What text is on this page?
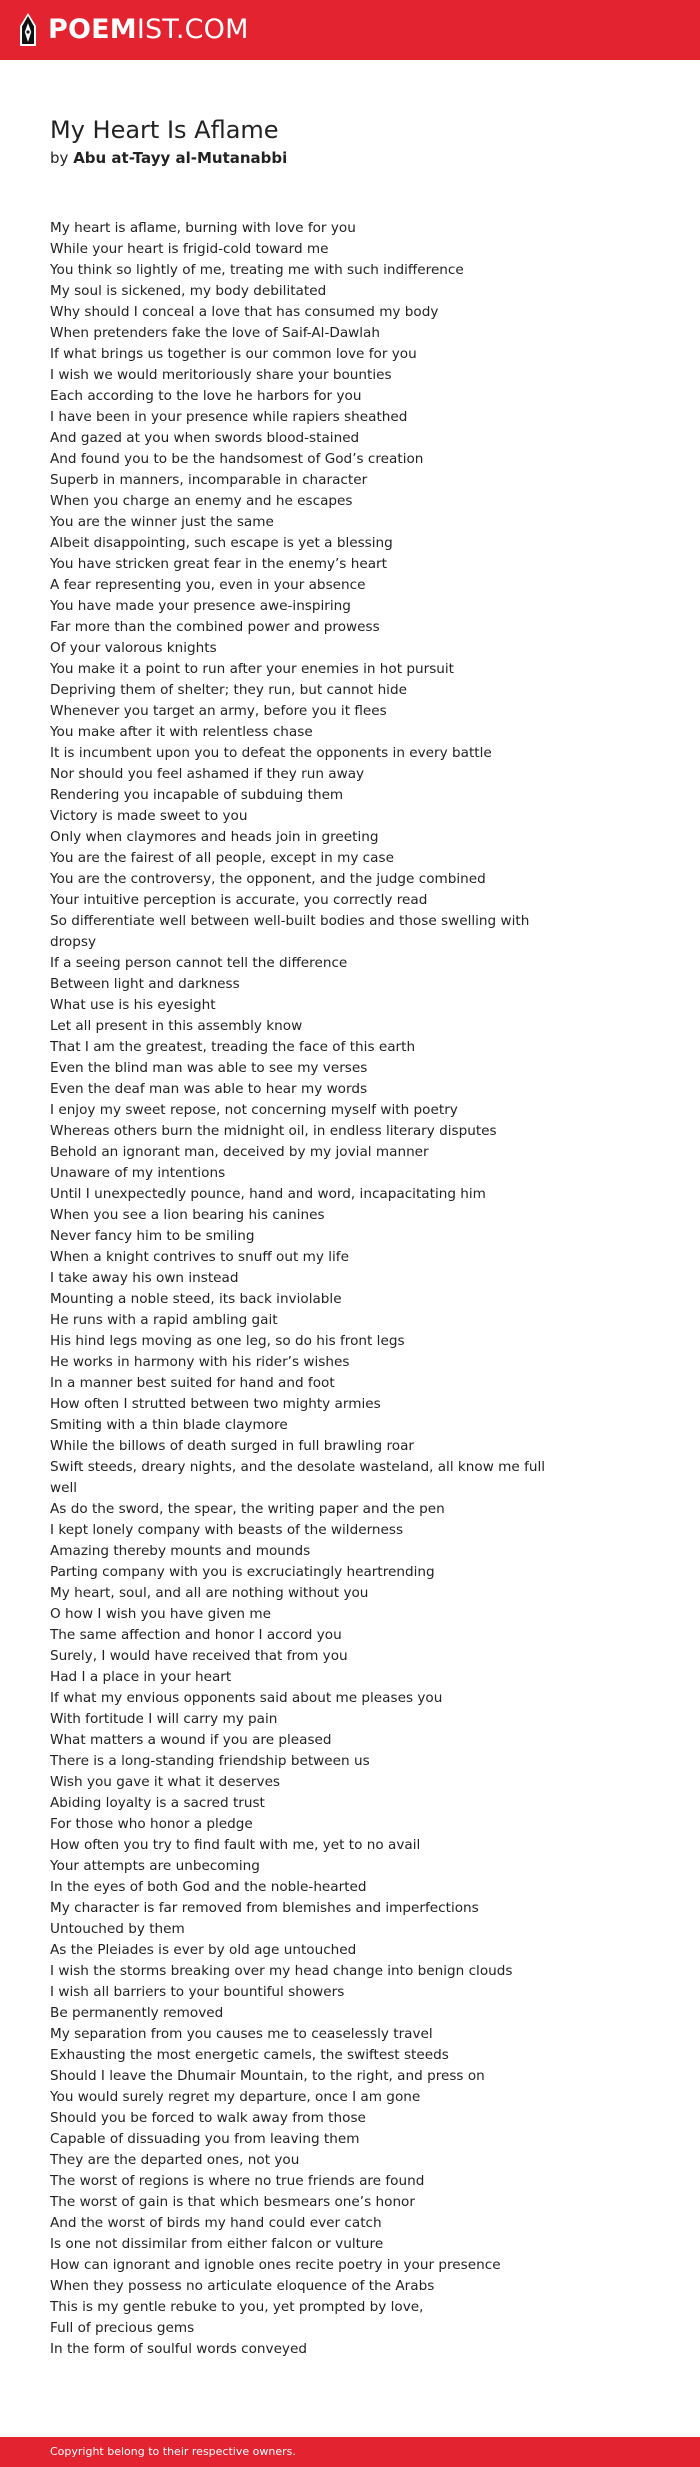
POEMIST.COM
My Heart Is Aflame
by Abu at-Tayy al-Mutanabbi
My heart is aflame, burning with love for you
While your heart is frigid-cold toward me
You think so lightly of me, treating me with such indifference
My soul is sickened, my body debilitated
Why should I conceal a love that has consumed my body
When pretenders fake the love of Saif-Al-Dawlah
If what brings us together is our common love for you
I wish we would meritoriously share your bounties
Each according to the love he harbors for you
I have been in your presence while rapiers sheathed
And gazed at you when swords blood-stained
And found you to be the handsomest of God’s creation
Superb in manners, incomparable in character
When you charge an enemy and he escapes
You are the winner just the same
Albeit disappointing, such escape is yet a blessing
You have stricken great fear in the enemy’s heart
A fear representing you, even in your absence
You have made your presence awe-inspiring
Far more than the combined power and prowess
Of your valorous knights
You make it a point to run after your enemies in hot pursuit
Depriving them of shelter; they run, but cannot hide
Whenever you target an army, before you it flees
You make after it with relentless chase
It is incumbent upon you to defeat the opponents in every battle
Nor should you feel ashamed if they run away
Rendering you incapable of subduing them
Victory is made sweet to you
Only when claymores and heads join in greeting
You are the fairest of all people, except in my case
You are the controversy, the opponent, and the judge combined
Your intuitive perception is accurate, you correctly read
So differentiate well between well-built bodies and those swelling with dropsy
If a seeing person cannot tell the difference
Between light and darkness
What use is his eyesight
Let all present in this assembly know
That I am the greatest, treading the face of this earth
Even the blind man was able to see my verses
Even the deaf man was able to hear my words
I enjoy my sweet repose, not concerning myself with poetry
Whereas others burn the midnight oil, in endless literary disputes
Behold an ignorant man, deceived by my jovial manner
Unaware of my intentions
Until I unexpectedly pounce, hand and word, incapacitating him
When you see a lion bearing his canines
Never fancy him to be smiling
When a knight contrives to snuff out my life
I take away his own instead
Mounting a noble steed, its back inviolable
He runs with a rapid ambling gait
His hind legs moving as one leg, so do his front legs
He works in harmony with his rider’s wishes
In a manner best suited for hand and foot
How often I strutted between two mighty armies
Smiting with a thin blade claymore
While the billows of death surged in full brawling roar
Swift steeds, dreary nights, and the desolate wasteland, all know me full well
As do the sword, the spear, the writing paper and the pen
I kept lonely company with beasts of the wilderness
Amazing thereby mounts and mounds
Parting company with you is excruciatingly heartrending
My heart, soul, and all are nothing without you
O how I wish you have given me
The same affection and honor I accord you
Surely, I would have received that from you
Had I a place in your heart
If what my envious opponents said about me pleases you
With fortitude I will carry my pain
What matters a wound if you are pleased
There is a long-standing friendship between us
Wish you gave it what it deserves
Abiding loyalty is a sacred trust
For those who honor a pledge
How often you try to find fault with me, yet to no avail
Your attempts are unbecoming
In the eyes of both God and the noble-hearted
My character is far removed from blemishes and imperfections
Untouched by them
As the Pleiades is ever by old age untouched
I wish the storms breaking over my head change into benign clouds
I wish all barriers to your bountiful showers
Be permanently removed
My separation from you causes me to ceaselessly travel
Exhausting the most energetic camels, the swiftest steeds
Should I leave the Dhumair Mountain, to the right, and press on
You would surely regret my departure, once I am gone
Should you be forced to walk away from those
Capable of dissuading you from leaving them
They are the departed ones, not you
The worst of regions is where no true friends are found
The worst of gain is that which besmears one’s honor
And the worst of birds my hand could ever catch
Is one not dissimilar from either falcon or vulture
How can ignorant and ignoble ones recite poetry in your presence
When they possess no articulate eloquence of the Arabs
This is my gentle rebuke to you, yet prompted by love,
Full of precious gems
In the form of soulful words conveyed
Copyright belong to their respective owners.
